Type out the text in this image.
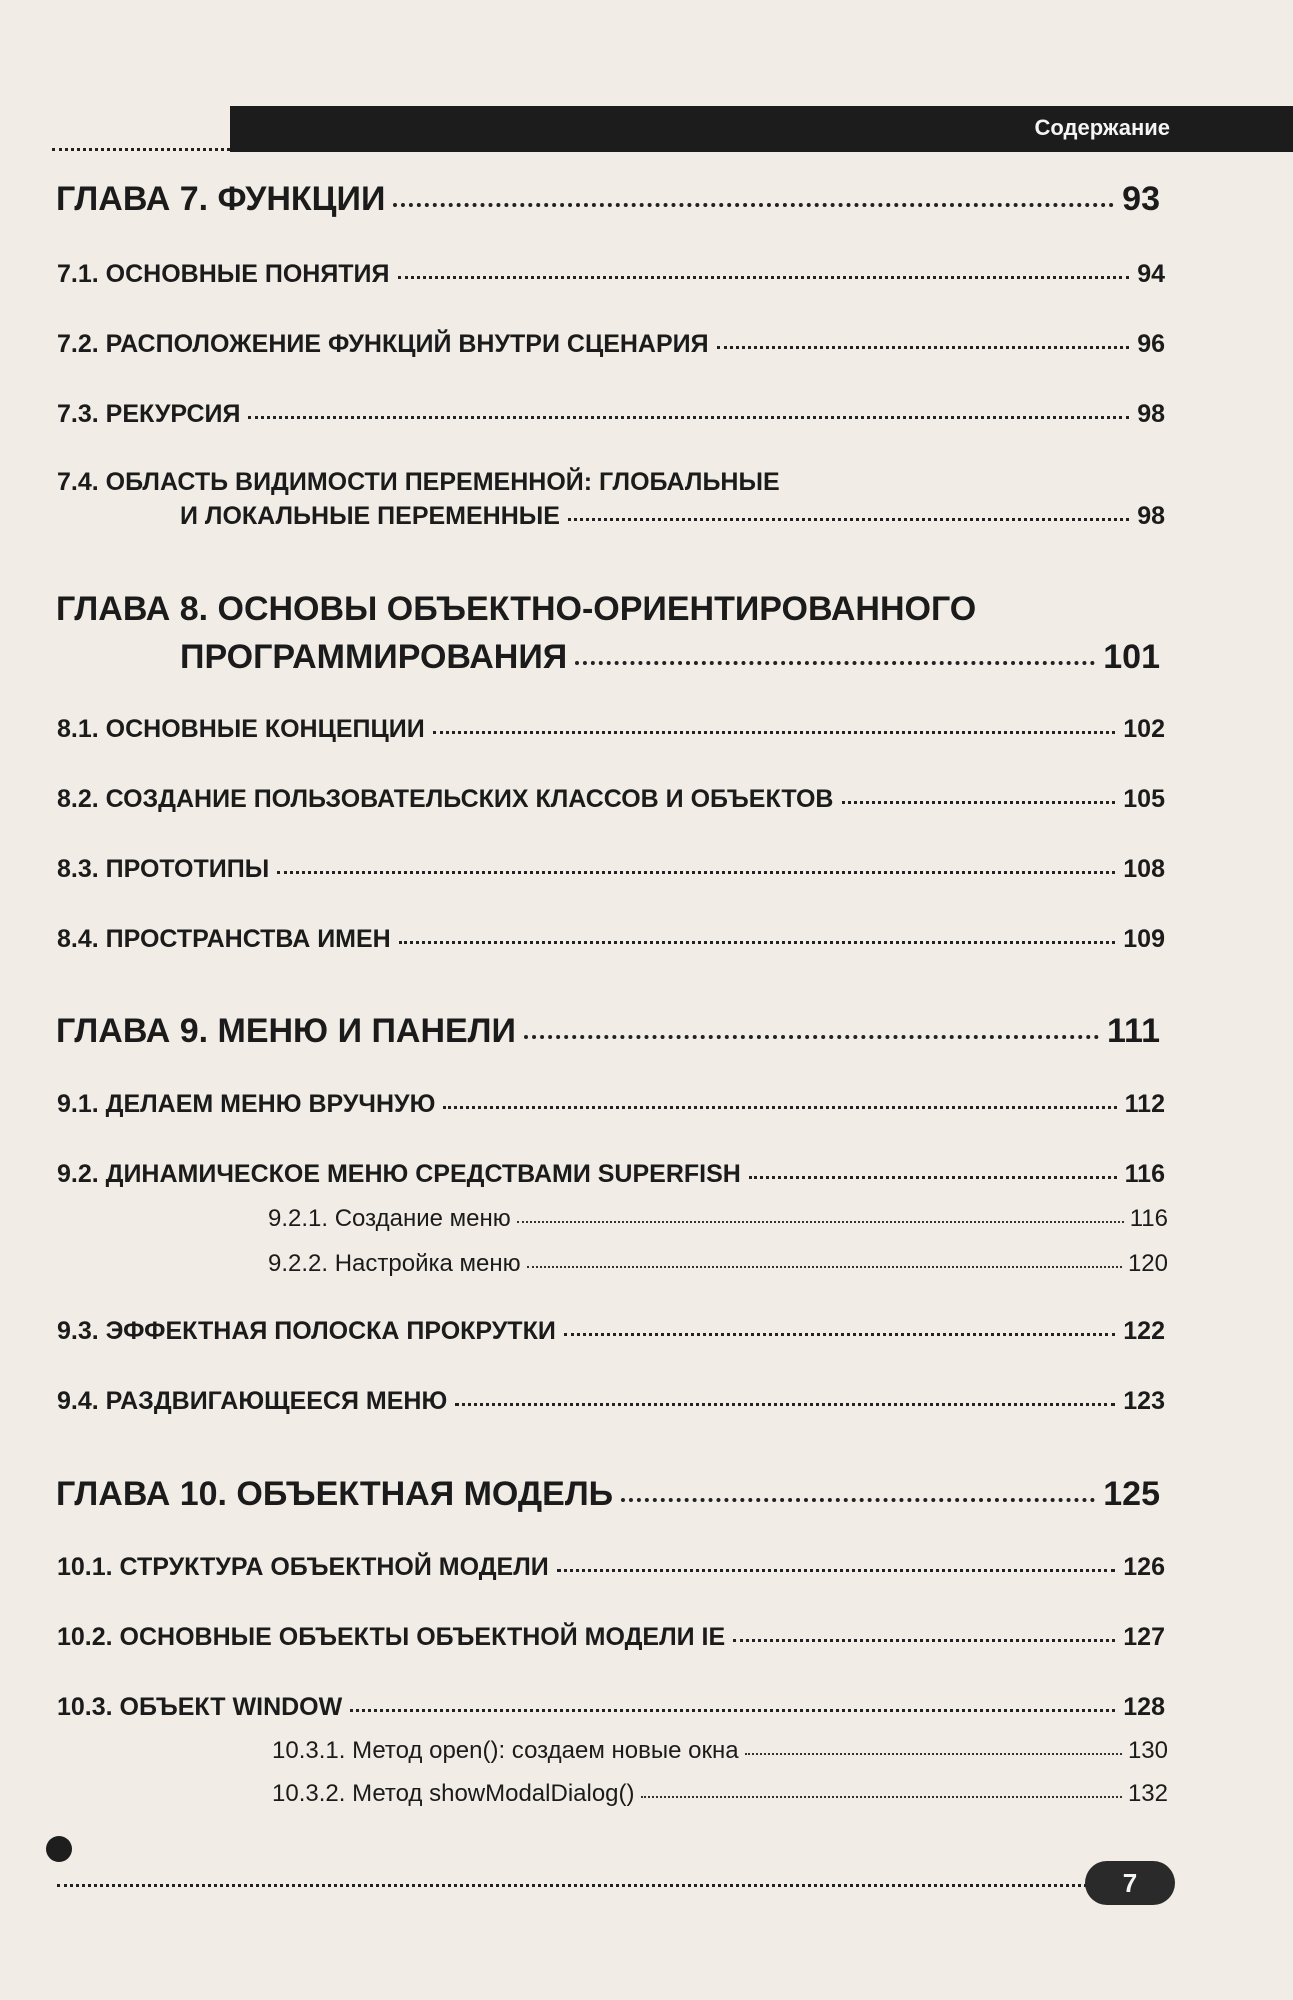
Содержание
ГЛАВА 7. ФУНКЦИИ	93
7.1. ОСНОВНЫЕ ПОНЯТИЯ	94
7.2. РАСПОЛОЖЕНИЕ ФУНКЦИЙ ВНУТРИ СЦЕНАРИЯ	96
7.3. РЕКУРСИЯ	98
7.4. ОБЛАСТЬ ВИДИМОСТИ ПЕРЕМЕННОЙ: ГЛОБАЛЬНЫЕ
И ЛОКАЛЬНЫЕ ПЕРЕМЕННЫЕ	98
ГЛАВА 8. ОСНОВЫ ОБЪЕКТНО-ОРИЕНТИРОВАННОГО
ПРОГРАММИРОВАНИЯ	101
8.1. ОСНОВНЫЕ КОНЦЕПЦИИ	102
8.2. СОЗДАНИЕ ПОЛЬЗОВАТЕЛЬСКИХ КЛАССОВ И ОБЪЕКТОВ	105
8.3. ПРОТОТИПЫ	108
8.4. ПРОСТРАНСТВА ИМЕН	109
ГЛАВА 9. МЕНЮ И ПАНЕЛИ	111
9.1. ДЕЛАЕМ МЕНЮ ВРУЧНУЮ	112
9.2. ДИНАМИЧЕСКОЕ МЕНЮ СРЕДСТВАМИ SUPERFISH	116
9.2.1. Создание меню	116
9.2.2. Настройка меню	120
9.3. ЭФФЕКТНАЯ ПОЛОСКА ПРОКРУТКИ	122
9.4. РАЗДВИГАЮЩЕЕСЯ МЕНЮ	123
ГЛАВА 10. ОБЪЕКТНАЯ МОДЕЛЬ	125
10.1. СТРУКТУРА ОБЪЕКТНОЙ МОДЕЛИ	126
10.2. ОСНОВНЫЕ ОБЪЕКТЫ ОБЪЕКТНОЙ МОДЕЛИ IE	127
10.3. ОБЪЕКТ WINDOW	128
10.3.1. Метод open(): создаем новые окна	130
10.3.2. Метод showModalDialog()	132
7
